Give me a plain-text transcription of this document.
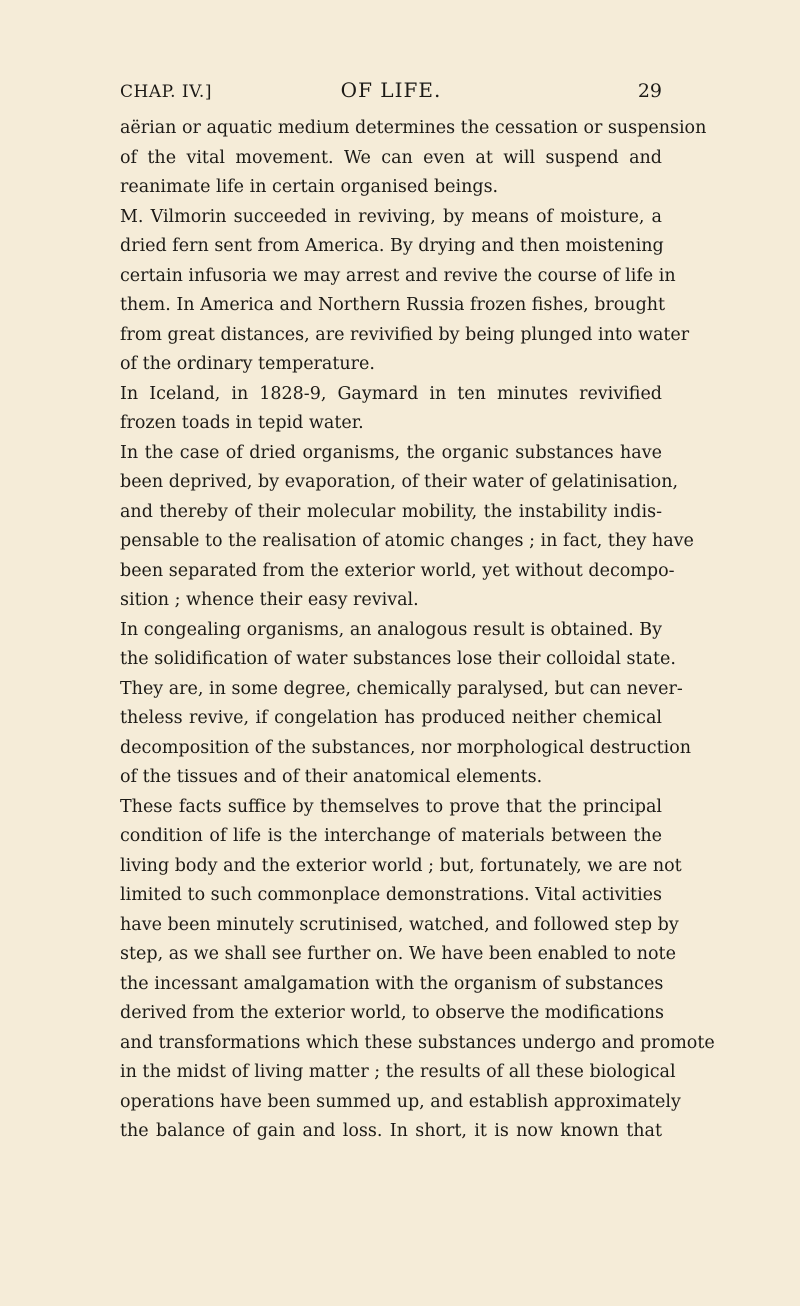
CHAP. IV.]	OF LIFE.	29
aërian or aquatic medium determines the cessation or suspension
of the vital movement. We can even at will suspend and
reanimate life in certain organised beings.
M. Vilmorin succeeded in reviving, by means of moisture, a
dried fern sent from America. By drying and then moistening
certain infusoria we may arrest and revive the course of life in
them. In America and Northern Russia frozen fishes, brought
from great distances, are revivified by being plunged into water
of the ordinary temperature.
In Iceland, in 1828-9, Gaymard in ten minutes revivified
frozen toads in tepid water.
In the case of dried organisms, the organic substances have
been deprived, by evaporation, of their water of gelatinisation,
and thereby of their molecular mobility, the instability indis-
pensable to the realisation of atomic changes ; in fact, they have
been separated from the exterior world, yet without decompo-
sition ; whence their easy revival.
In congealing organisms, an analogous result is obtained. By
the solidification of water substances lose their colloidal state.
They are, in some degree, chemically paralysed, but can never-
theless revive, if congelation has produced neither chemical
decomposition of the substances, nor morphological destruction
of the tissues and of their anatomical elements.
These facts suffice by themselves to prove that the principal
condition of life is the interchange of materials between the
living body and the exterior world ; but, fortunately, we are not
limited to such commonplace demonstrations. Vital activities
have been minutely scrutinised, watched, and followed step by
step, as we shall see further on. We have been enabled to note
the incessant amalgamation with the organism of substances
derived from the exterior world, to observe the modifications
and transformations which these substances undergo and promote
in the midst of living matter ; the results of all these biological
operations have been summed up, and establish approximately
the balance of gain and loss. In short, it is now known that
